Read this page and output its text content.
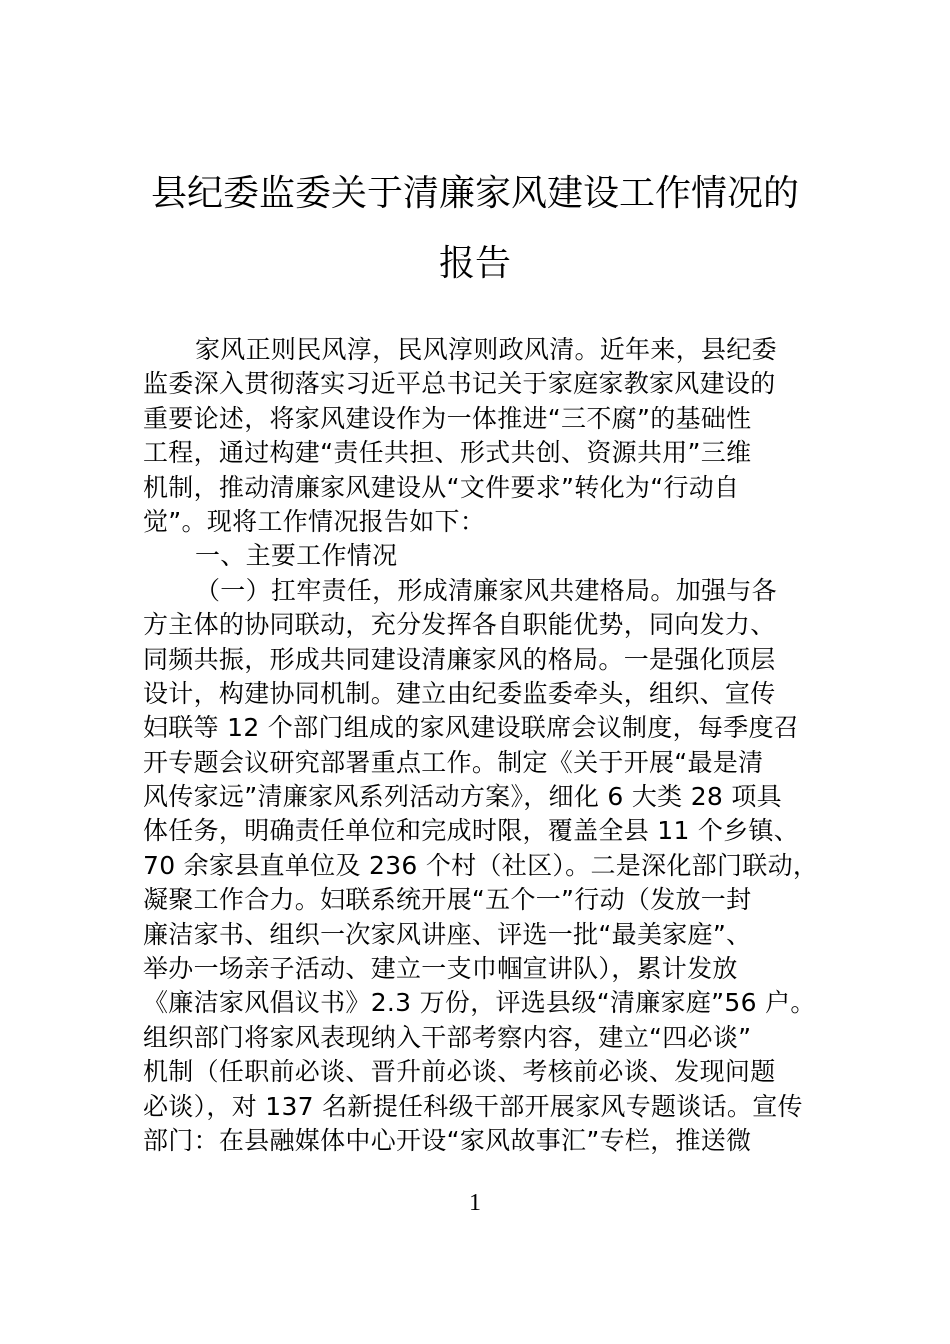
县纪委监委关于清廉家风建设工作情况的
报告
家风正则民风淳，民风淳则政风清。近年来，县纪委
监委深入贯彻落实习近平总书记关于家庭家教家风建设的
重要论述，将家风建设作为一体推进“三不腐”的基础性
工程，通过构建“责任共担、形式共创、资源共用”三维
机制，推动清廉家风建设从“文件要求”转化为“行动自
觉”。现将工作情况报告如下：
一、主要工作情况
（一）扛牢责任，形成清廉家风共建格局。加强与各
方主体的协同联动，充分发挥各自职能优势，同向发力、
同频共振，形成共同建设清廉家风的格局。一是强化顶层
设计，构建协同机制。建立由纪委监委牵头，组织、宣传
妇联等 12 个部门组成的家风建设联席会议制度，每季度召
开专题会议研究部署重点工作。制定《关于开展“最是清
风传家远”清廉家风系列活动方案》，细化 6 大类 28 项具
体任务，明确责任单位和完成时限，覆盖全县 11 个乡镇、
70 余家县直单位及 236 个村（社区）。二是深化部门联动，
凝聚工作合力。妇联系统开展“五个一”行动（发放一封
廉洁家书、组织一次家风讲座、评选一批“最美家庭”、
举办一场亲子活动、建立一支巾帼宣讲队），累计发放
《廉洁家风倡议书》2.3 万份，评选县级“清廉家庭”56 户。
组织部门将家风表现纳入干部考察内容，建立“四必谈”
机制（任职前必谈、晋升前必谈、考核前必谈、发现问题
必谈），对 137 名新提任科级干部开展家风专题谈话。宣传
部门：在县融媒体中心开设“家风故事汇”专栏，推送微
1
